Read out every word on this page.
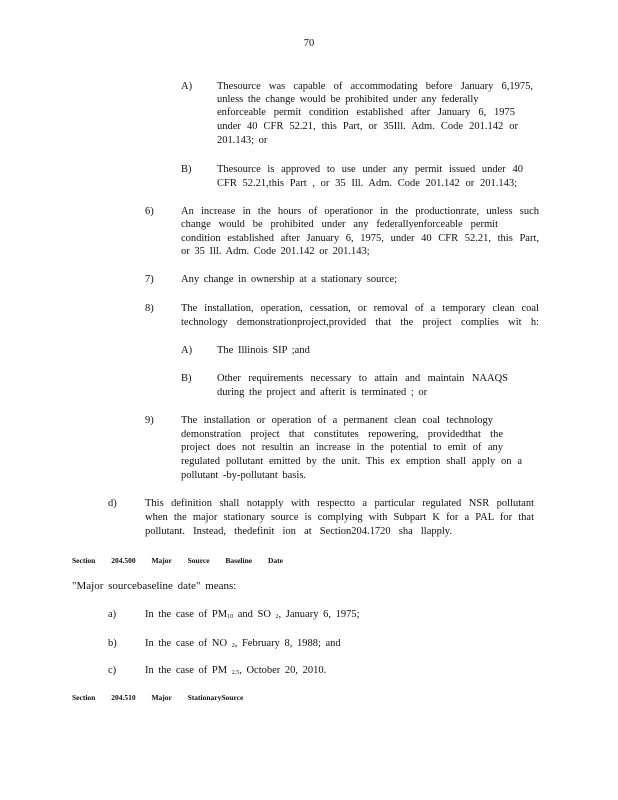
70
A) Thesource was capable of accommodating before January 6,1975,
unless the change would be prohibited under any federally
enforceable permit condition established after January 6, 1975
under 40 CFR 52.21, this Part, or 35Ill. Adm. Code 201.142 or
201.143; or
B) Thesource is approved to use under any permit issued under 40
CFR 52.21,this Part , or 35 Ill. Adm. Code 201.142 or 201.143;
6)	An increase in the hours of operationor in the productionrate, unless such
change would be prohibited under any federallyenforceable permit
condition established after January 6, 1975, under 40 CFR 52.21, this Part,
or 35 Ill. Adm. Code 201.142 or 201.143;
7)	Any change in ownership at a stationary source;
8)	The installation, operation, cessation, or removal of a temporary clean coal
technology demonstrationproject,provided that the project complies wit h:
A) The Illinois SIP ;and
B) Other requirements necessary to attain and maintain NAAQS
during the project and afterit is terminated ; or
9)	The installation or operation of a permanent clean coal technology
demonstration project that constitutes repowering, providedthat the
project does not resultin an increase in the potential to emit of any
regulated pollutant emitted by the unit. This ex emption shall apply on a
pollutant -by-pollutant basis.
d)	This definition shall notapply with respectto a particular regulated NSR pollutant
when the major stationary source is complying with Subpart K for a PAL for that
pollutant. Instead, thedefinit ion at Section204.1720 sha llapply.
Section 204.500 Major Source Baseline Date
"Major sourcebaseline date" means:
a)	In the case of $PM_{10}$ and SO $_2$, January 6, 1975;
b)	In the case of NO $_2$, February 8, 1988; and
c)	In the case of PM $_{2.5}$, October 20, 2010.
Section 204.510 Major StationarySource
